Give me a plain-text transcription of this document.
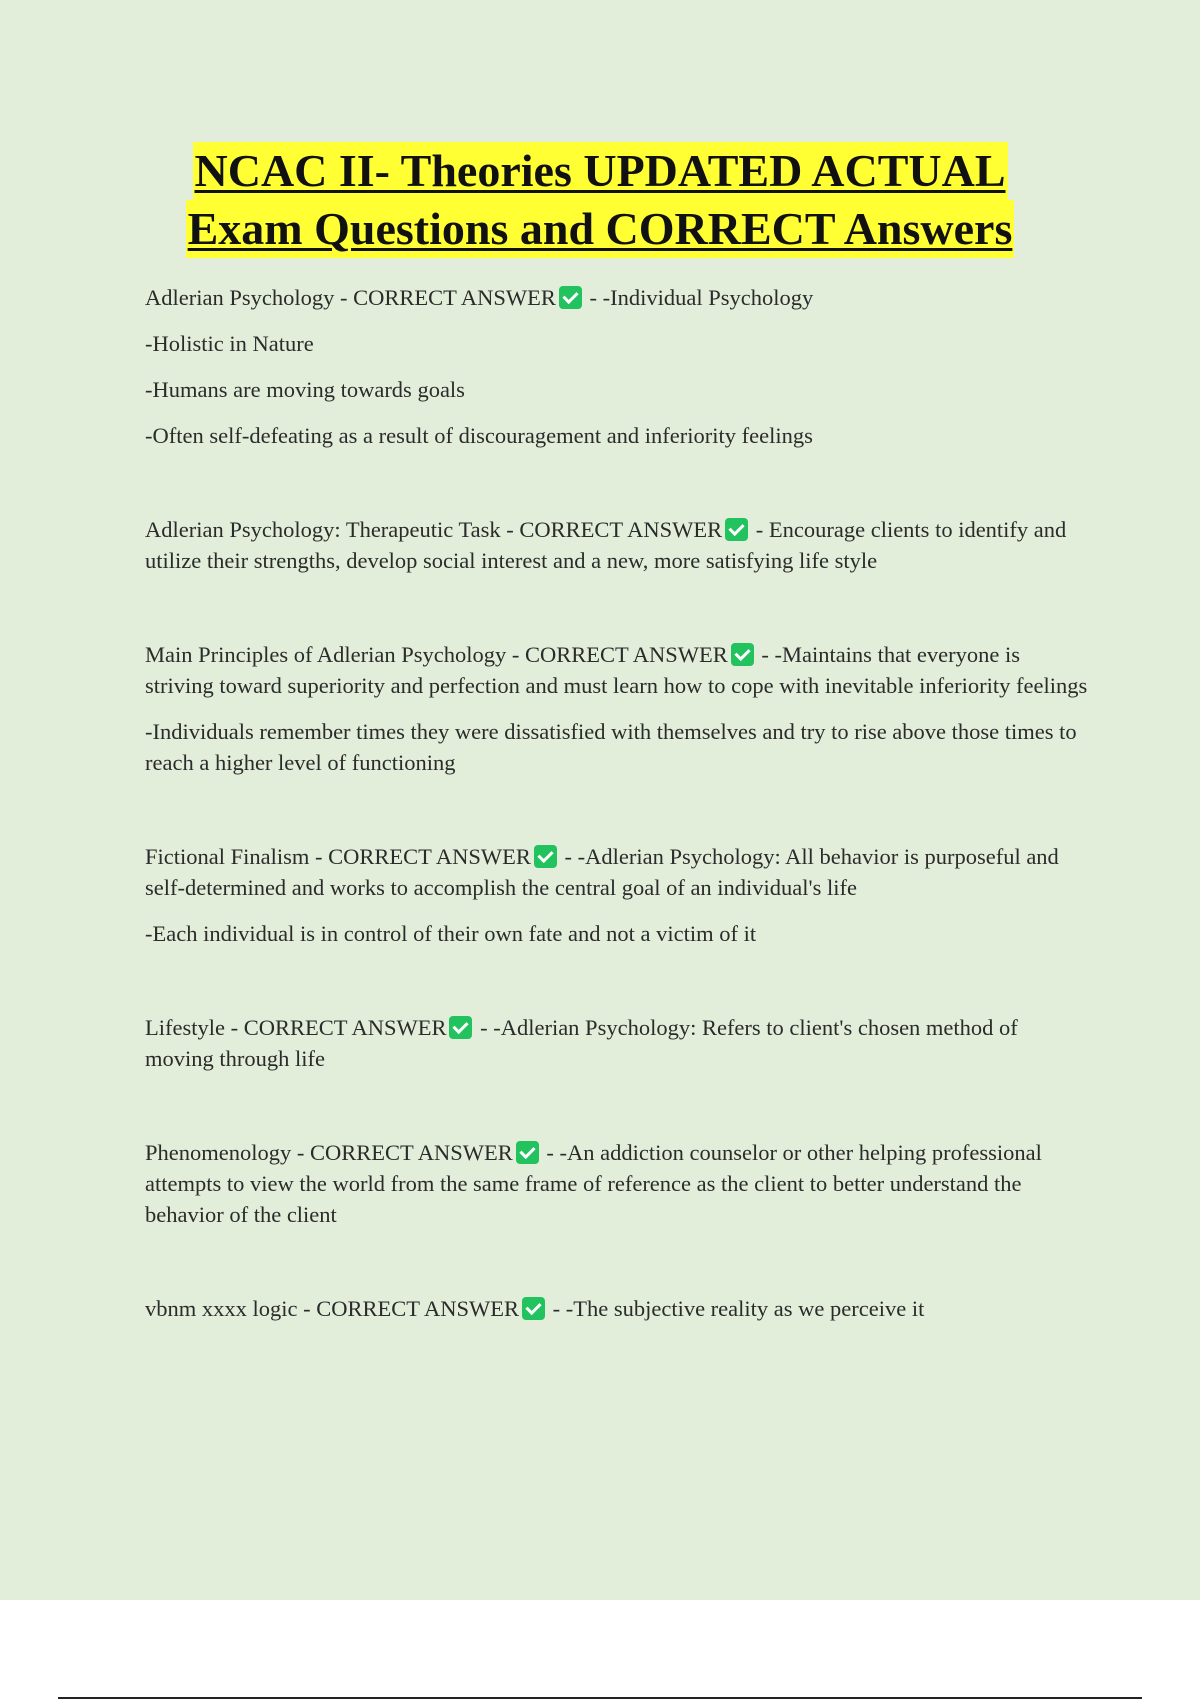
NCAC II- Theories UPDATED ACTUAL
Exam Questions and CORRECT Answers

Adlerian Psychology - CORRECT ANSWER - -Individual Psychology

-Holistic in Nature

-Humans are moving towards goals

-Often self-defeating as a result of discouragement and inferiority feelings

Adlerian Psychology: Therapeutic Task - CORRECT ANSWER - Encourage clients to identify and utilize their strengths, develop social interest and a new, more satisfying life style

Main Principles of Adlerian Psychology - CORRECT ANSWER - -Maintains that everyone is striving toward superiority and perfection and must learn how to cope with inevitable inferiority feelings

-Individuals remember times they were dissatisfied with themselves and try to rise above those times to reach a higher level of functioning

Fictional Finalism - CORRECT ANSWER - -Adlerian Psychology: All behavior is purposeful and self-determined and works to accomplish the central goal of an individual's life

-Each individual is in control of their own fate and not a victim of it

Lifestyle - CORRECT ANSWER - -Adlerian Psychology: Refers to client's chosen method of moving through life

Phenomenology - CORRECT ANSWER - -An addiction counselor or other helping professional attempts to view the world from the same frame of reference as the client to better understand the behavior of the client

vbnm xxxx logic - CORRECT ANSWER - -The subjective reality as we perceive it
